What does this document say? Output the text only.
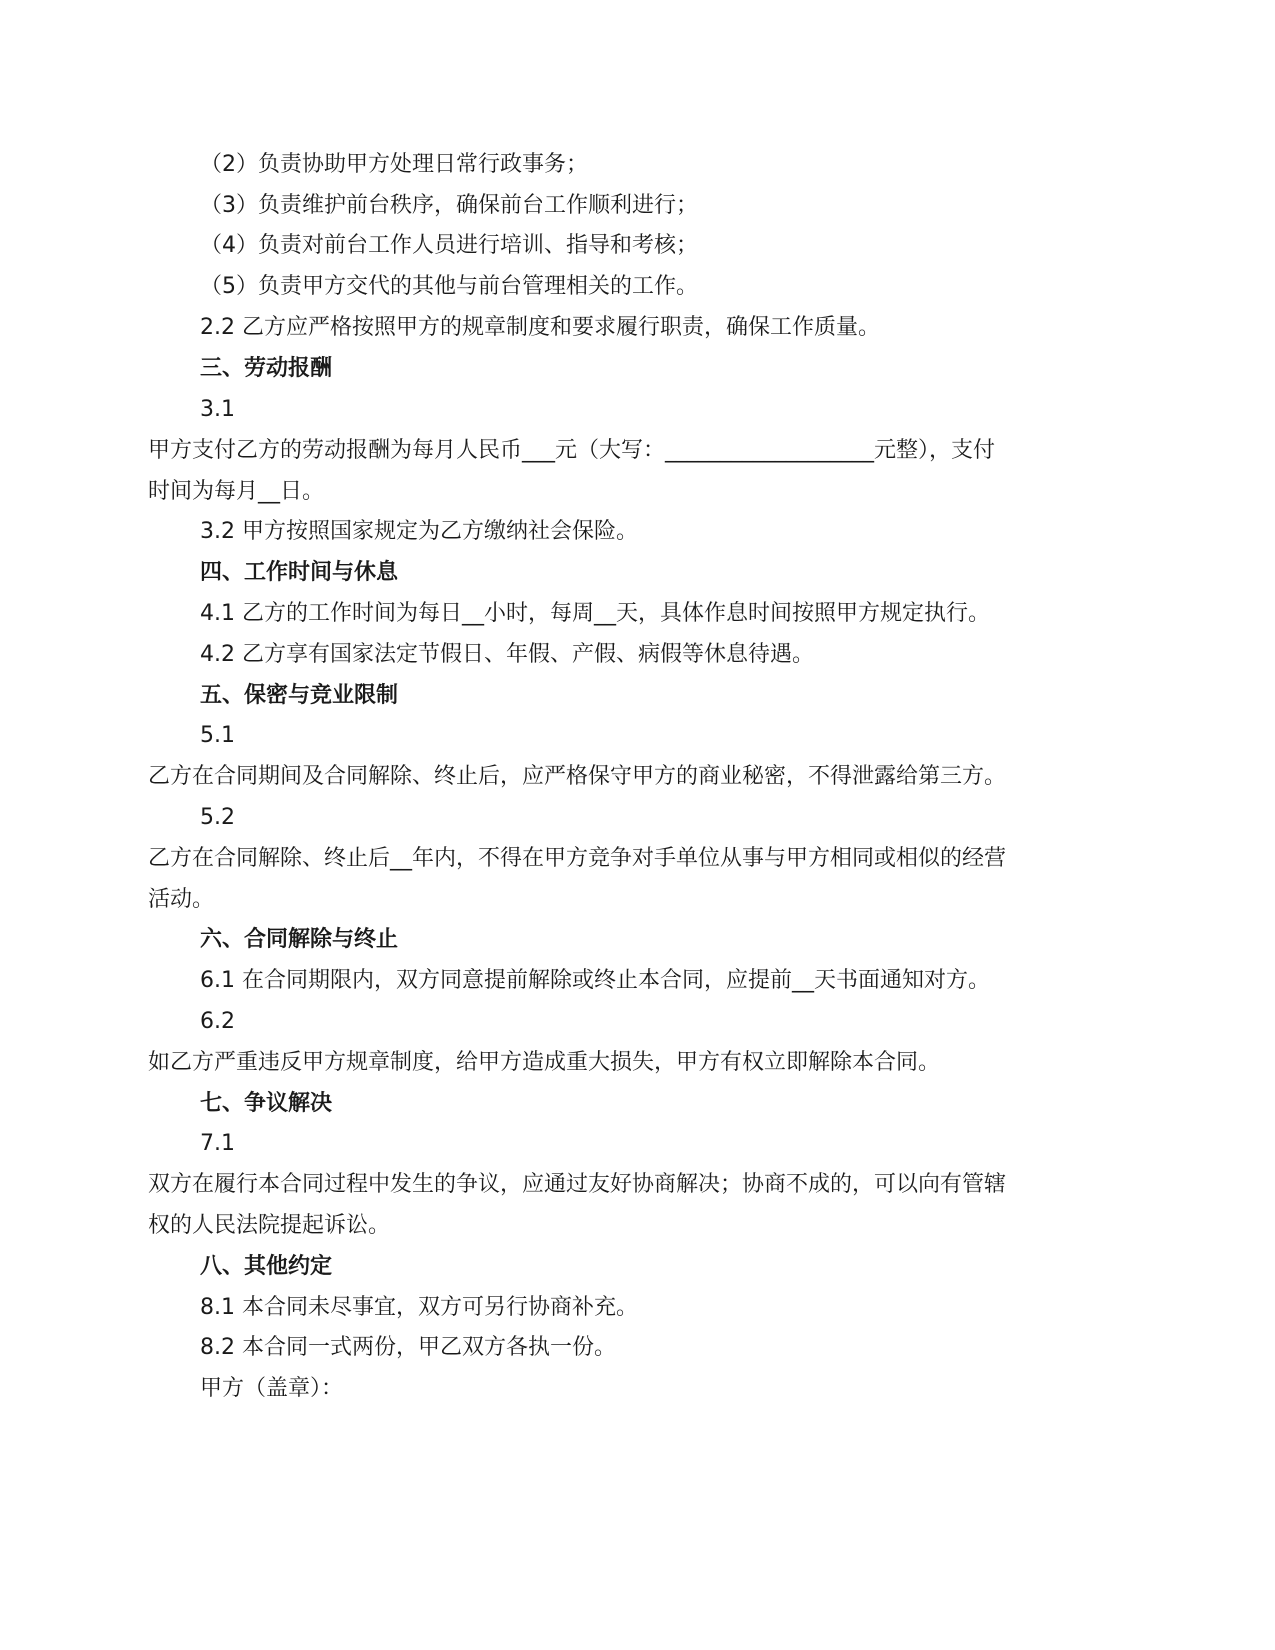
（2）负责协助甲方处理日常行政事务；
（3）负责维护前台秩序，确保前台工作顺利进行；
（4）负责对前台工作人员进行培训、指导和考核；
（5）负责甲方交代的其他与前台管理相关的工作。
2.2 乙方应严格按照甲方的规章制度和要求履行职责，确保工作质量。
三、劳动报酬
3.1
甲方支付乙方的劳动报酬为每月人民币___元（大写：___________________元整），支付
时间为每月__日。
3.2 甲方按照国家规定为乙方缴纳社会保险。
四、工作时间与休息
4.1 乙方的工作时间为每日__小时，每周__天，具体作息时间按照甲方规定执行。
4.2 乙方享有国家法定节假日、年假、产假、病假等休息待遇。
五、保密与竞业限制
5.1
乙方在合同期间及合同解除、终止后，应严格保守甲方的商业秘密，不得泄露给第三方。
5.2
乙方在合同解除、终止后__年内，不得在甲方竞争对手单位从事与甲方相同或相似的经营
活动。
六、合同解除与终止
6.1 在合同期限内，双方同意提前解除或终止本合同，应提前__天书面通知对方。
6.2
如乙方严重违反甲方规章制度，给甲方造成重大损失，甲方有权立即解除本合同。
七、争议解决
7.1
双方在履行本合同过程中发生的争议，应通过友好协商解决；协商不成的，可以向有管辖
权的人民法院提起诉讼。
八、其他约定
8.1 本合同未尽事宜，双方可另行协商补充。
8.2 本合同一式两份，甲乙双方各执一份。
甲方（盖章）：
